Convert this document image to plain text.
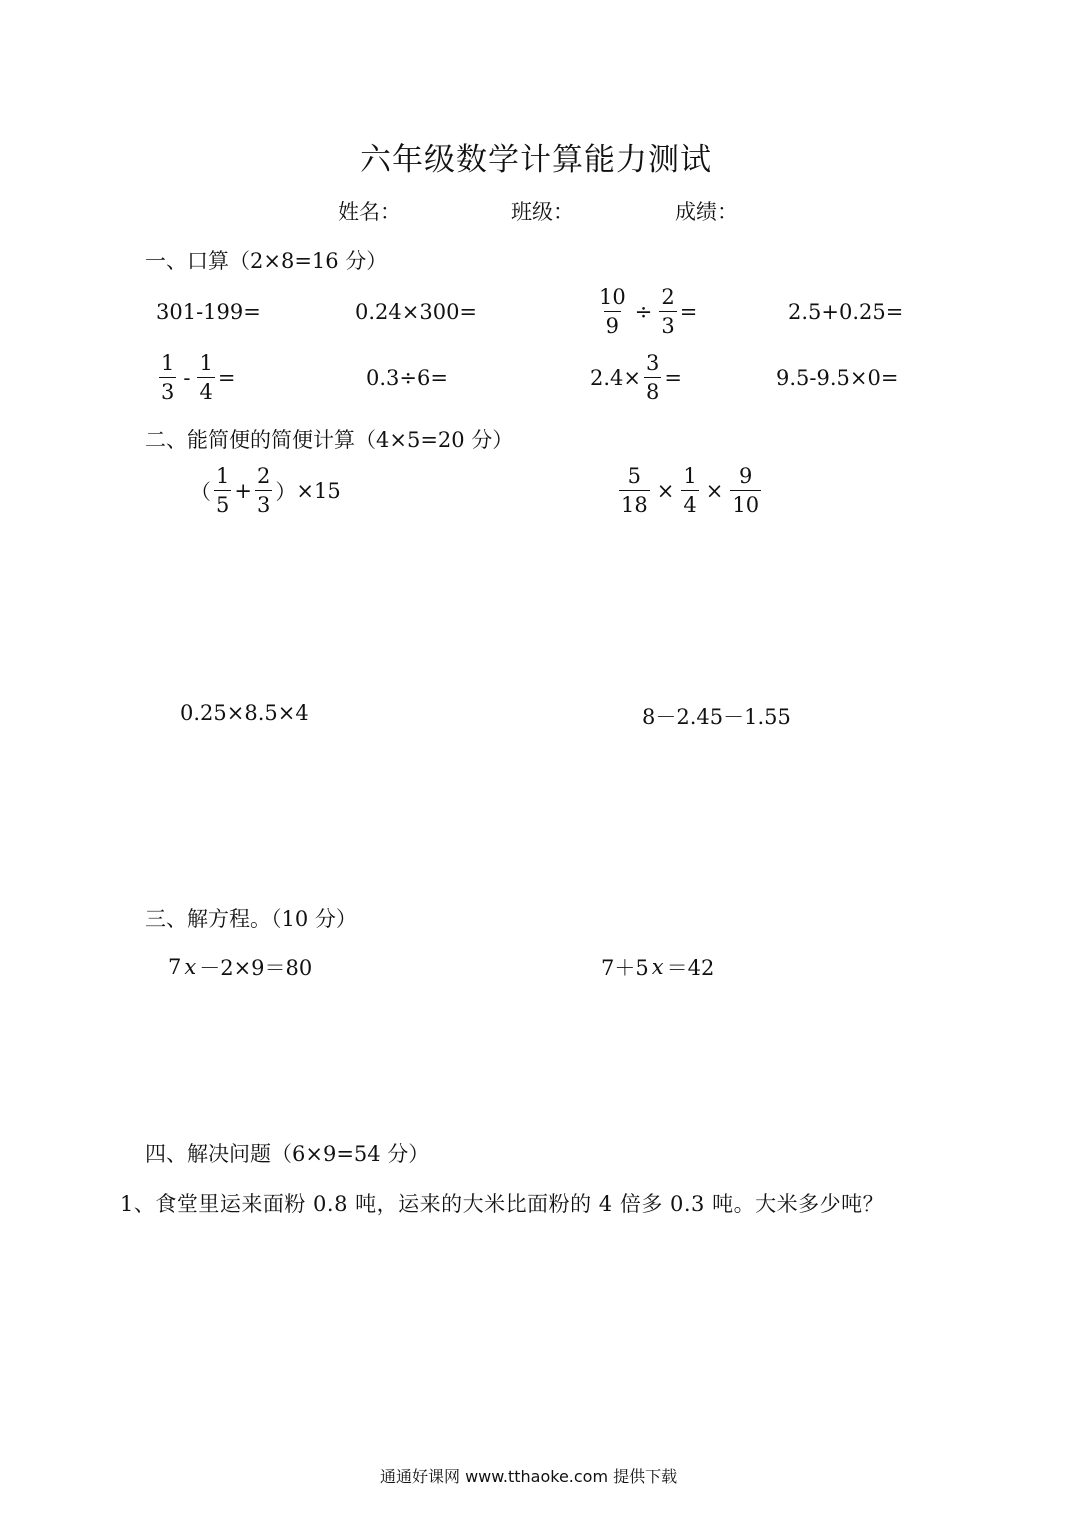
六年级数学计算能力测试
姓名：	班级：	成绩：
一、口算（2×8=16 分）
301-199=	0.24×300=	$\frac{10}{9} \div \frac{2}{3}$ =	2.5+0.25=
$\frac{1}{3} - \frac{1}{4}$ =	0.3÷6=	$2.4\times \frac{3}{8}$ =	9.5-9.5×0=
二、能简便的简便计算（4×5=20 分）
（ $\frac{1}{5} + \frac{2}{3}$ ） ×15	$\frac{5}{18} \times \frac{1}{4} \times \frac{9}{10}$
0.25×8.5×4	8－2.45－1.55
三、解方程。（10 分）
7 x －2×9＝80	7＋5 x ＝42
四、解决问题（6×9=54 分）
1、食堂里运来面粉 0.8 吨，运来的大米比面粉的 4 倍多 0.3 吨。大米多少吨？
通通好课网 www.tthaoke.com 提供下载
